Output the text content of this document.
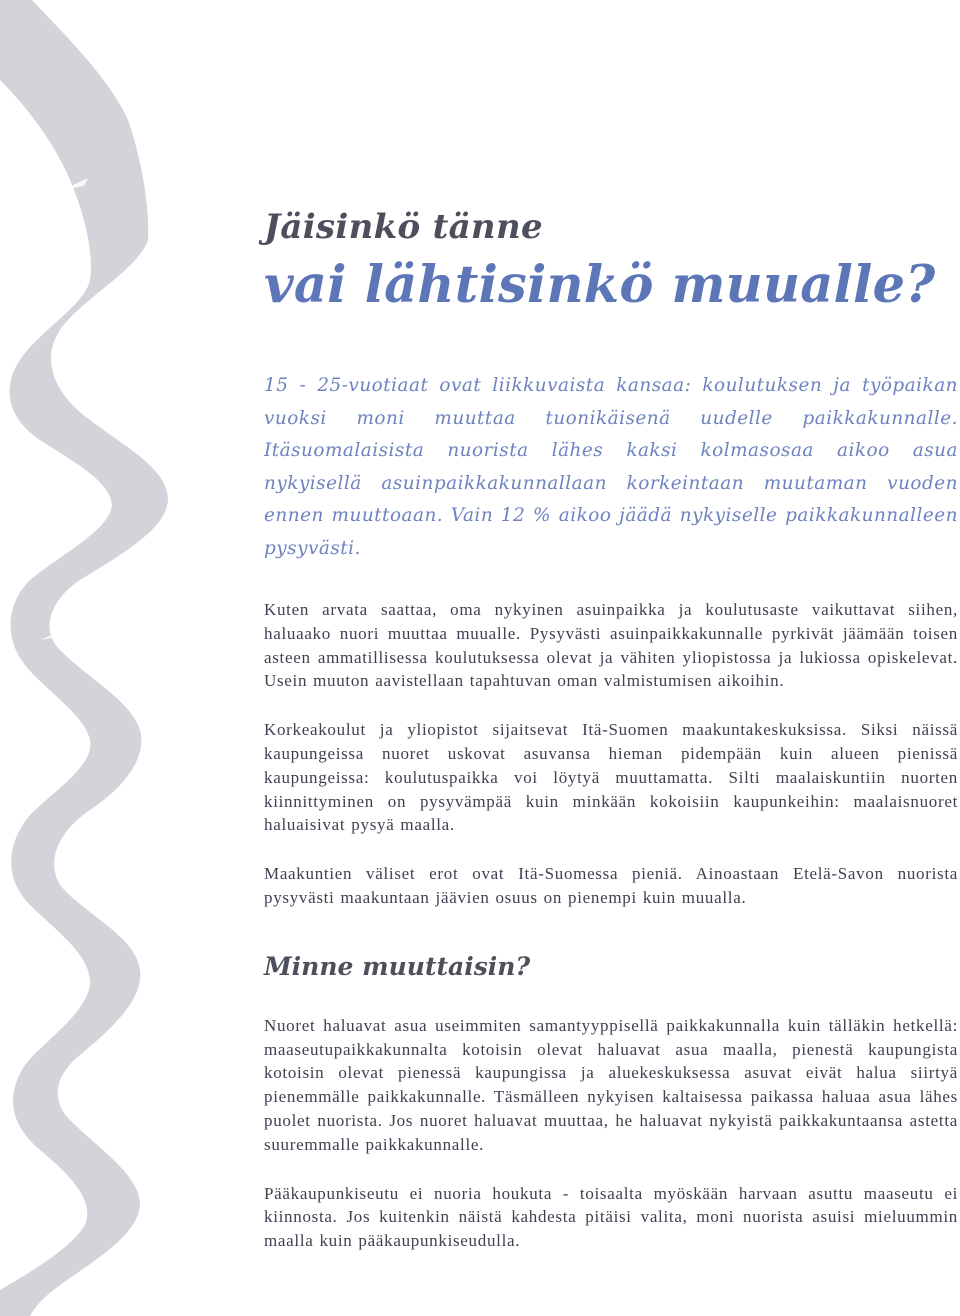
Jäisinkö tänne
vai lähtisinkö muualle?

15 - 25-vuotiaat ovat liikkuvaista kansaa: koulutuksen ja työpaikan vuoksi moni muuttaa tuonikäisenä uudelle paikkakunnalle. Itäsuomalaisista nuorista lähes kaksi kolmasosaa aikoo asua nykyisellä asuinpaikkakunnallaan korkeintaan muutaman vuoden ennen muuttoaan. Vain 12 % aikoo jäädä nykyiselle paikkakunnalleen pysyvästi.

Kuten arvata saattaa, oma nykyinen asuinpaikka ja koulutusaste vaikuttavat siihen, haluaako nuori muuttaa muualle. Pysyvästi asuinpaikkakunnalle pyrkivät jäämään toisen asteen ammatillisessa koulutuksessa olevat ja vähiten yliopistossa ja lukiossa opiskelevat. Usein muuton aavistellaan tapahtuvan oman valmistumisen aikoihin.

Korkeakoulut ja yliopistot sijaitsevat Itä-Suomen maakuntakeskuksissa. Siksi näissä kaupungeissa nuoret uskovat asuvansa hieman pidempään kuin alueen pienissä kaupungeissa: koulutuspaikka voi löytyä muuttamatta. Silti maalaiskuntiin nuorten kiinnittyminen on pysyvämpää kuin minkään kokoisiin kaupunkeihin: maalaisnuoret haluaisivat pysyä maalla.

Maakuntien väliset erot ovat Itä-Suomessa pieniä. Ainoastaan Etelä-Savon nuorista pysyvästi maakuntaan jäävien osuus on pienempi kuin muualla.

Minne muuttaisin?

Nuoret haluavat asua useimmiten samantyyppisellä paikkakunnalla kuin tälläkin hetkellä: maaseutupaikkakunnalta kotoisin olevat haluavat asua maalla, pienestä kaupungista kotoisin olevat pienessä kaupungissa ja aluekeskuksessa asuvat eivät halua siirtyä pienemmälle paikkakunnalle. Täsmälleen nykyisen kaltaisessa paikassa haluaa asua lähes puolet nuorista. Jos nuoret haluavat muuttaa, he haluavat nykyistä paikkakuntaansa astetta suuremmalle paikkakunnalle.

Pääkaupunkiseutu ei nuoria houkuta - toisaalta myöskään harvaan asuttu maaseutu ei kiinnosta. Jos kuitenkin näistä kahdesta pitäisi valita, moni nuorista asuisi mieluummin maalla kuin pääkaupunkiseudulla.
